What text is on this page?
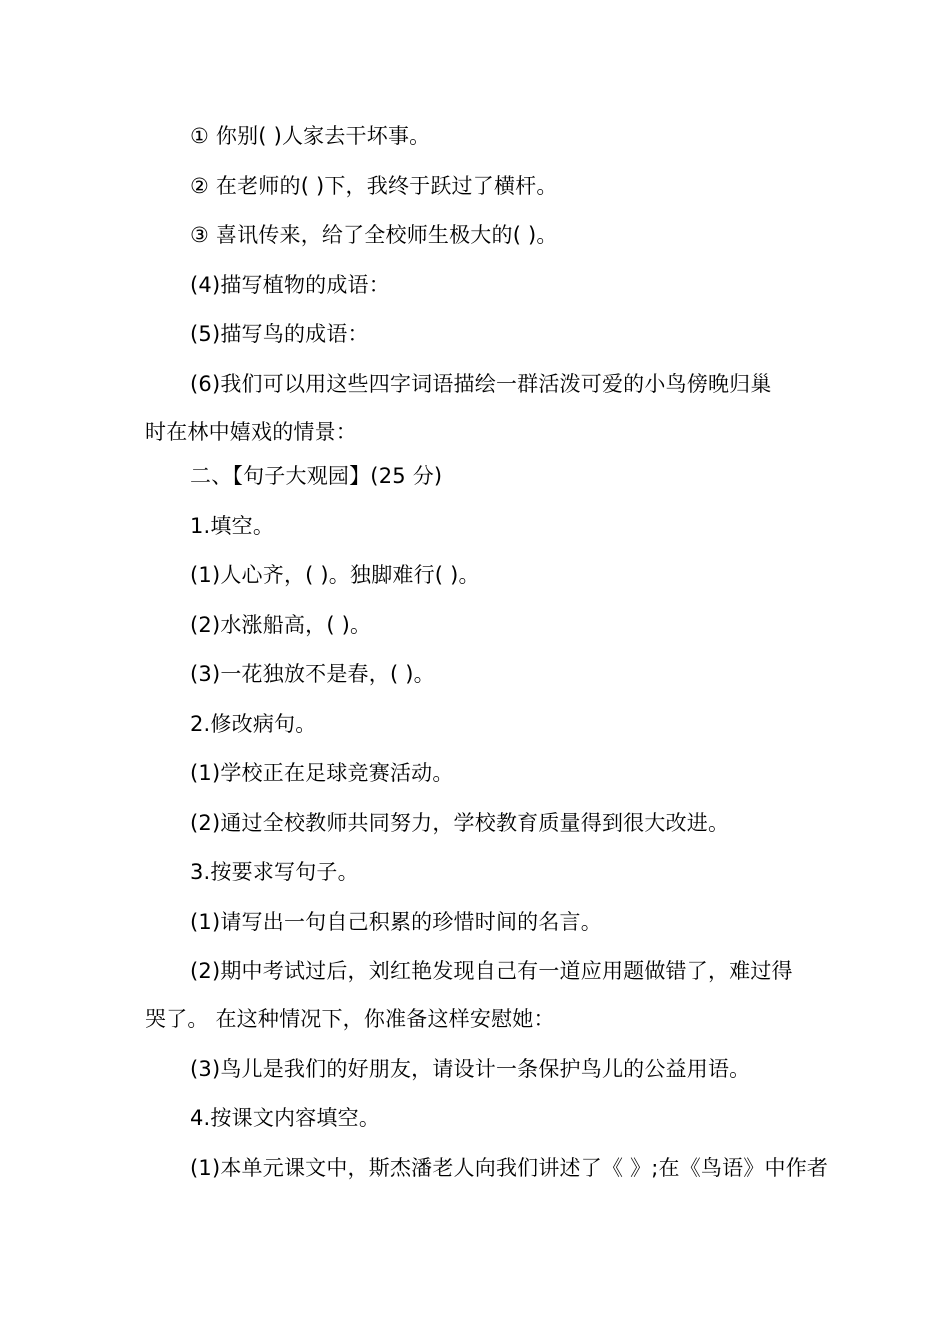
① 你别( )人家去干坏事。
② 在老师的( )下，我终于跃过了横杆。
③ 喜讯传来，给了全校师生极大的( )。
(4)描写植物的成语：
(5)描写鸟的成语：
(6)我们可以用这些四字词语描绘一群活泼可爱的小鸟傍晚归巢
时在林中嬉戏的情景：
二、【句子大观园】(25 分)
1.填空。
(1)人心齐，( )。独脚难行( )。
(2)水涨船高，( )。
(3)一花独放不是春，( )。
2.修改病句。
(1)学校正在足球竞赛活动。
(2)通过全校教师共同努力，学校教育质量得到很大改进。
3.按要求写句子。
(1)请写出一句自己积累的珍惜时间的名言。
(2)期中考试过后，刘红艳发现自己有一道应用题做错了，难过得
哭了。 在这种情况下，你准备这样安慰她：
(3)鸟儿是我们的好朋友，请设计一条保护鸟儿的公益用语。
4.按课文内容填空。
(1)本单元课文中，斯杰潘老人向我们讲述了《 》;在《鸟语》中作者
